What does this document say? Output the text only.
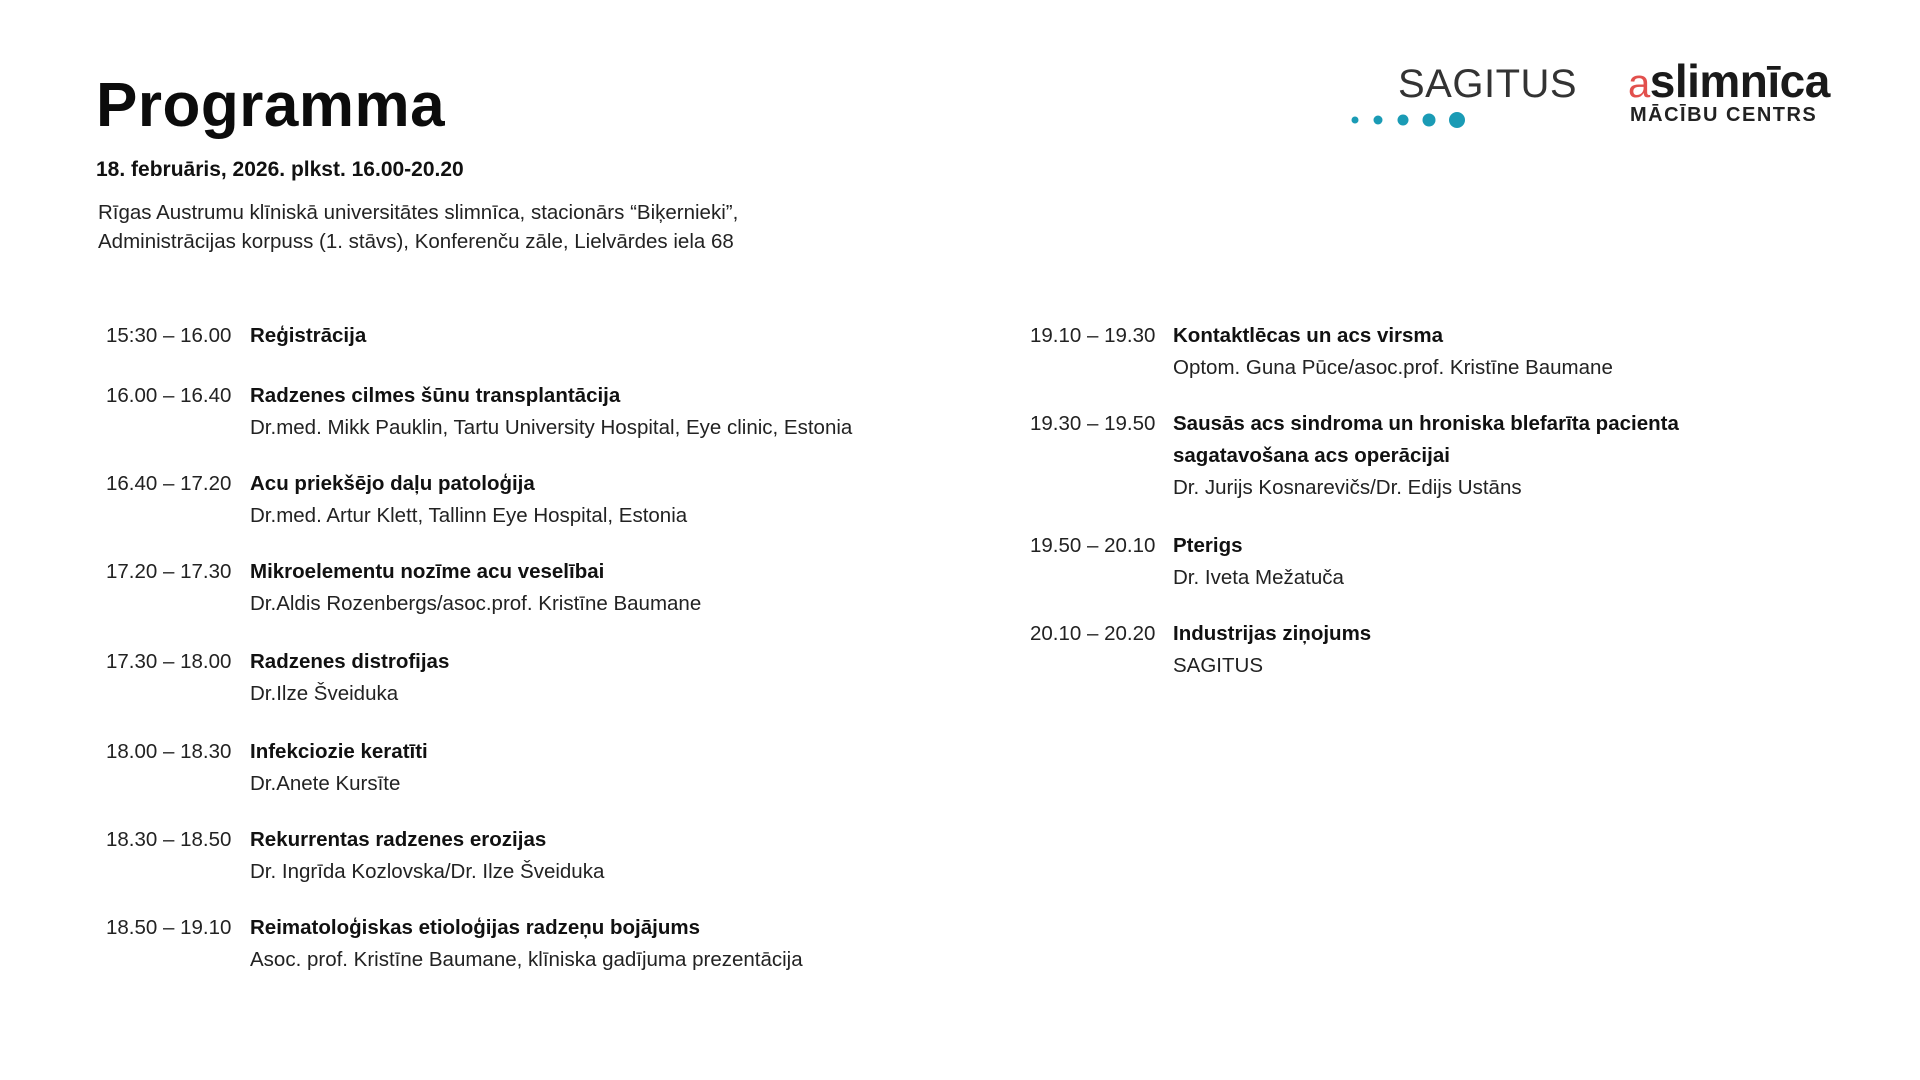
Programma
18. februāris, 2026. plkst. 16.00-20.20
Rīgas Austrumu klīniskā universitātes slimnīca, stacionārs “Biķernieki”,
Administrācijas korpuss (1. stāvs), Konferenču zāle, Lielvārdes iela 68
SAGITUS aslimnīca
MĀCĪBU CENTRS
15:30 – 16.00 Reģistrācija
16.00 – 16.40 Radzenes cilmes šūnu transplantācija
Dr.med. Mikk Pauklin, Tartu University Hospital, Eye clinic, Estonia
16.40 – 17.20 Acu priekšējo daļu patoloģija
Dr.med. Artur Klett, Tallinn Eye Hospital, Estonia
17.20 – 17.30 Mikroelementu nozīme acu veselībai
Dr.Aldis Rozenbergs/asoc.prof. Kristīne Baumane
17.30 – 18.00 Radzenes distrofijas
Dr.Ilze Šveiduka
18.00 – 18.30 Infekciozie keratīti
Dr.Anete Kursīte
18.30 – 18.50 Rekurrentas radzenes erozijas
Dr. Ingrīda Kozlovska/Dr. Ilze Šveiduka
18.50 – 19.10 Reimatoloģiskas etioloģijas radzeņu bojājums
Asoc. prof. Kristīne Baumane, klīniska gadījuma prezentācija
19.10 – 19.30 Kontaktlēcas un acs virsma
Optom. Guna Pūce/asoc.prof. Kristīne Baumane
19.30 – 19.50 Sausās acs sindroma un hroniska blefarīta pacienta
sagatavošana acs operācijai
Dr. Jurijs Kosnarevičs/Dr. Edijs Ustāns
19.50 – 20.10 Pterigs
Dr. Iveta Mežatuča
20.10 – 20.20 Industrijas ziņojums
SAGITUS
